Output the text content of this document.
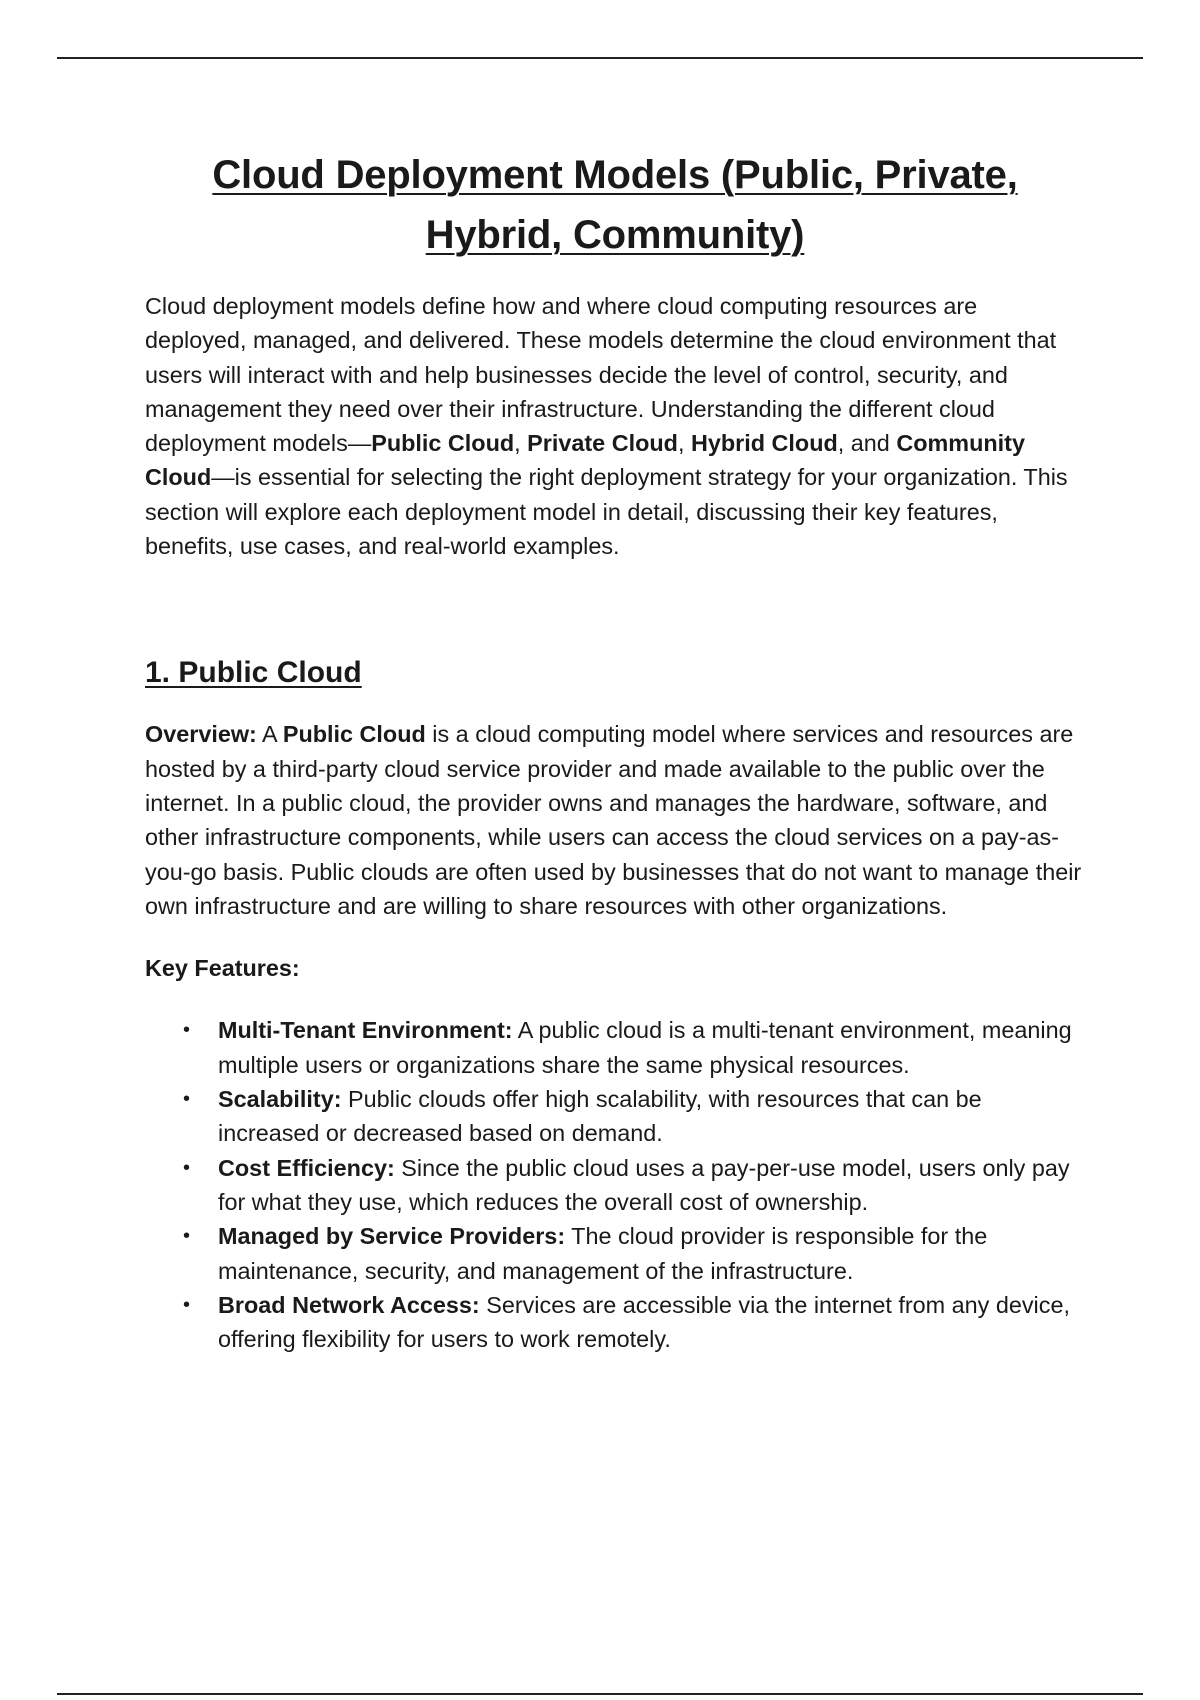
Cloud Deployment Models (Public, Private,
Hybrid, Community)

Cloud deployment models define how and where cloud computing resources are deployed, managed, and delivered. These models determine the cloud environment that users will interact with and help businesses decide the level of control, security, and management they need over their infrastructure. Understanding the different cloud deployment models—Public Cloud, Private Cloud, Hybrid Cloud, and Community Cloud—is essential for selecting the right deployment strategy for your organization. This section will explore each deployment model in detail, discussing their key features, benefits, use cases, and real-world examples.

1. Public Cloud

Overview: A Public Cloud is a cloud computing model where services and resources are hosted by a third-party cloud service provider and made available to the public over the internet. In a public cloud, the provider owns and manages the hardware, software, and other infrastructure components, while users can access the cloud services on a pay-as-you-go basis. Public clouds are often used by businesses that do not want to manage their own infrastructure and are willing to share resources with other organizations.

Key Features:

• Multi-Tenant Environment: A public cloud is a multi-tenant environment, meaning multiple users or organizations share the same physical resources.
• Scalability: Public clouds offer high scalability, with resources that can be increased or decreased based on demand.
• Cost Efficiency: Since the public cloud uses a pay-per-use model, users only pay for what they use, which reduces the overall cost of ownership.
• Managed by Service Providers: The cloud provider is responsible for the maintenance, security, and management of the infrastructure.
• Broad Network Access: Services are accessible via the internet from any device, offering flexibility for users to work remotely.
